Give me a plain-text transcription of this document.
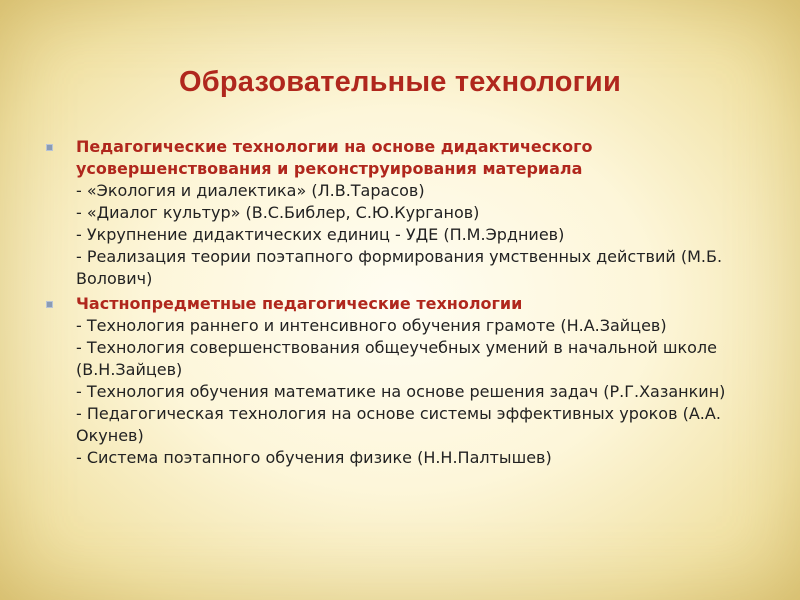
Образовательные технологии
Педагогические технологии на основе дидактического
усовершенствования и реконструирования материала
- «Экология и диалектика» (Л.В.Тарасов)
- «Диалог культур» (В.С.Библер, С.Ю.Курганов)
- Укрупнение дидактических единиц - УДЕ (П.М.Эрдниев)
- Реализация теории поэтапного формирования умственных действий (М.Б.
Волович)
Частнопредметные педагогические технологии
- Технология раннего и интенсивного обучения грамоте (Н.А.Зайцев)
- Технология совершенствования общеучебных умений в начальной школе
(В.Н.Зайцев)
- Технология обучения математике на основе решения задач (Р.Г.Хазанкин)
- Педагогическая технология на основе системы эффективных уроков (А.А.
Окунев)
- Система поэтапного обучения физике (Н.Н.Палтышев)
